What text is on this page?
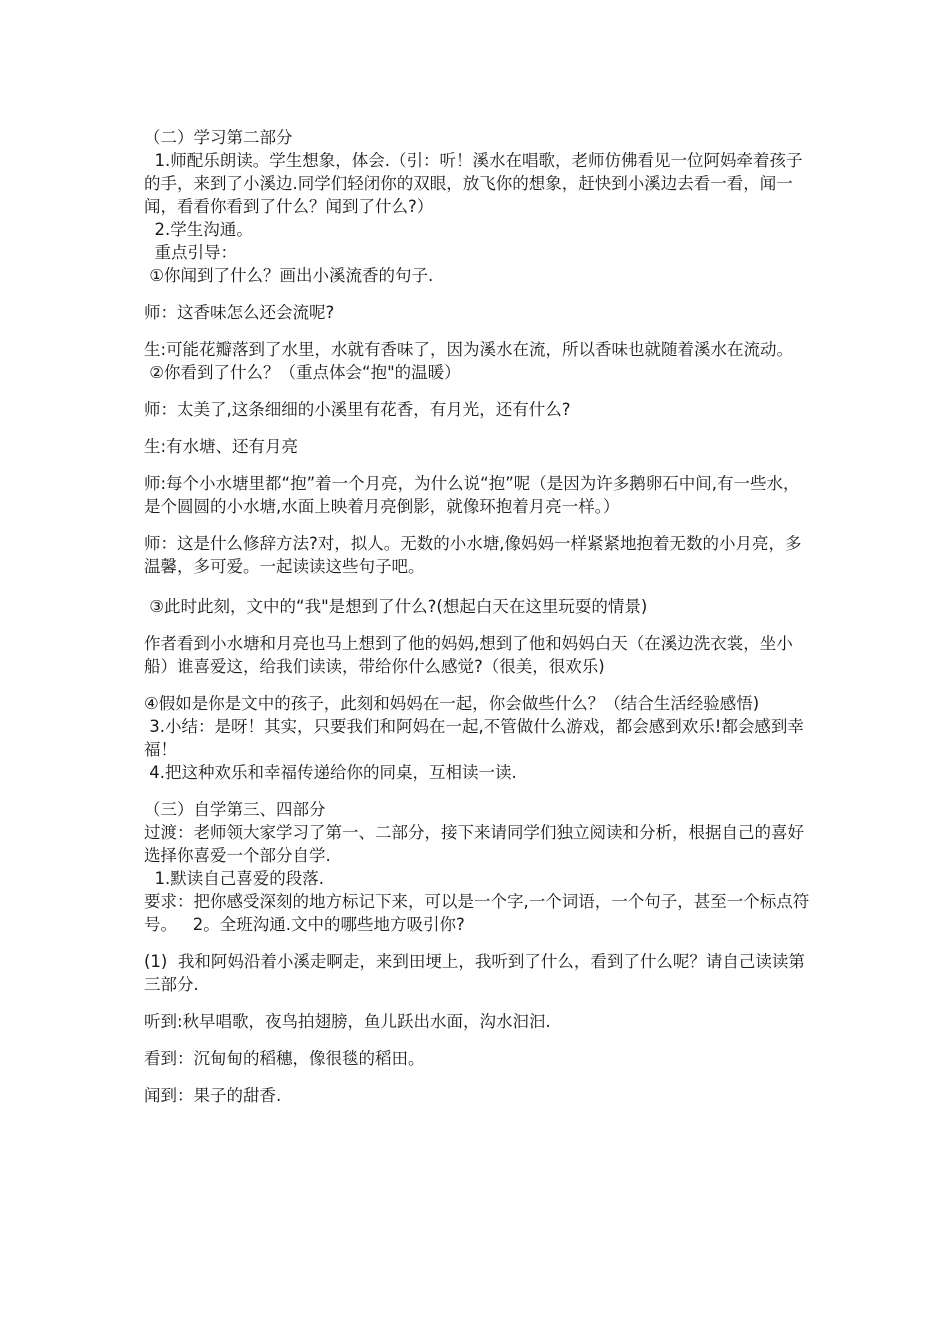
（二）学习第二部分

1.师配乐朗读。学生想象，体会.（引：听！溪水在唱歌，老师仿佛看见一位阿妈牵着孩子的手，来到了小溪边.同学们轻闭你的双眼，放飞你的想象，赶快到小溪边去看一看，闻一闻，看看你看到了什么？闻到了什么?）

2.学生沟通。

重点引导：

①你闻到了什么？画出小溪流香的句子.

师：这香味怎么还会流呢?

生:可能花瓣落到了水里，水就有香味了，因为溪水在流，所以香味也就随着溪水在流动。

②你看到了什么？（重点体会“抱"的温暖）

师：太美了,这条细细的小溪里有花香，有月光，还有什么?

生:有水塘、还有月亮

师:每个小水塘里都“抱”着一个月亮，为什么说“抱”呢（是因为许多鹅卵石中间,有一些水，是个圆圆的小水塘,水面上映着月亮倒影，就像环抱着月亮一样。）

师：这是什么修辞方法?对，拟人。无数的小水塘,像妈妈一样紧紧地抱着无数的小月亮，多温馨，多可爱。一起读读这些句子吧。

③此时此刻，文中的“我"是想到了什么?(想起白天在这里玩耍的情景)

作者看到小水塘和月亮也马上想到了他的妈妈,想到了他和妈妈白天（在溪边洗衣裳，坐小船）谁喜爱这，给我们读读，带给你什么感觉?（很美，很欢乐)

④假如是你是文中的孩子，此刻和妈妈在一起，你会做些什么？（结合生活经验感悟)

3.小结：是呀！其实，只要我们和阿妈在一起,不管做什么游戏，都会感到欢乐!都会感到幸福！

4.把这种欢乐和幸福传递给你的同桌，互相读一读.

（三）自学第三、四部分

过渡：老师领大家学习了第一、二部分，接下来请同学们独立阅读和分析，根据自己的喜好选择你喜爱一个部分自学.

1.默读自己喜爱的段落.

要求：把你感受深刻的地方标记下来，可以是一个字,一个词语，一个句子，甚至一个标点符号。   2。全班沟通.文中的哪些地方吸引你?

(1)  我和阿妈沿着小溪走啊走，来到田埂上，我听到了什么，看到了什么呢？请自己读读第三部分.

听到:秋早唱歌，夜鸟拍翅膀，鱼儿跃出水面，沟水汩汩.

看到：沉甸甸的稻穗，像很毯的稻田。

闻到：果子的甜香.
